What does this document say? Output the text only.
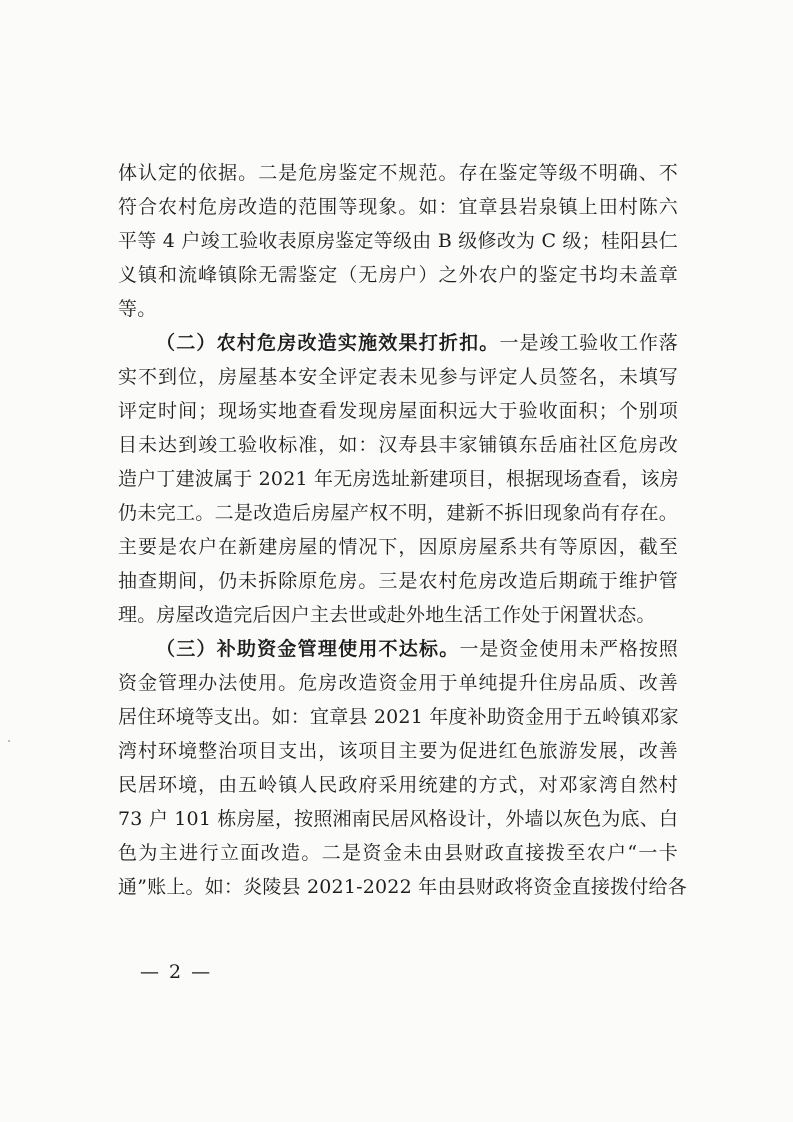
体认定的依据。二是危房鉴定不规范。存在鉴定等级不明确、不
符合农村危房改造的范围等现象。如：宜章县岩泉镇上田村陈六
平等 4 户竣工验收表原房鉴定等级由 B 级修改为 C 级；桂阳县仁
义镇和流峰镇除无需鉴定（无房户）之外农户的鉴定书均未盖章
等。
（二）农村危房改造实施效果打折扣。一是竣工验收工作落
实不到位，房屋基本安全评定表未见参与评定人员签名，未填写
评定时间；现场实地查看发现房屋面积远大于验收面积；个别项
目未达到竣工验收标准，如：汉寿县丰家铺镇东岳庙社区危房改
造户丁建波属于 2021 年无房选址新建项目，根据现场查看，该房
仍未完工。二是改造后房屋产权不明，建新不拆旧现象尚有存在。
主要是农户在新建房屋的情况下，因原房屋系共有等原因，截至
抽查期间，仍未拆除原危房。三是农村危房改造后期疏于维护管
理。房屋改造完后因户主去世或赴外地生活工作处于闲置状态。
（三）补助资金管理使用不达标。一是资金使用未严格按照
资金管理办法使用。危房改造资金用于单纯提升住房品质、改善
居住环境等支出。如：宜章县 2021 年度补助资金用于五岭镇邓家
湾村环境整治项目支出，该项目主要为促进红色旅游发展，改善
民居环境，由五岭镇人民政府采用统建的方式，对邓家湾自然村
73 户 101 栋房屋，按照湘南民居风格设计，外墙以灰色为底、白
色为主进行立面改造。二是资金未由县财政直接拨至农户“一卡
通”账上。如：炎陵县 2021-2022 年由县财政将资金直接拨付给各
— 2 —
